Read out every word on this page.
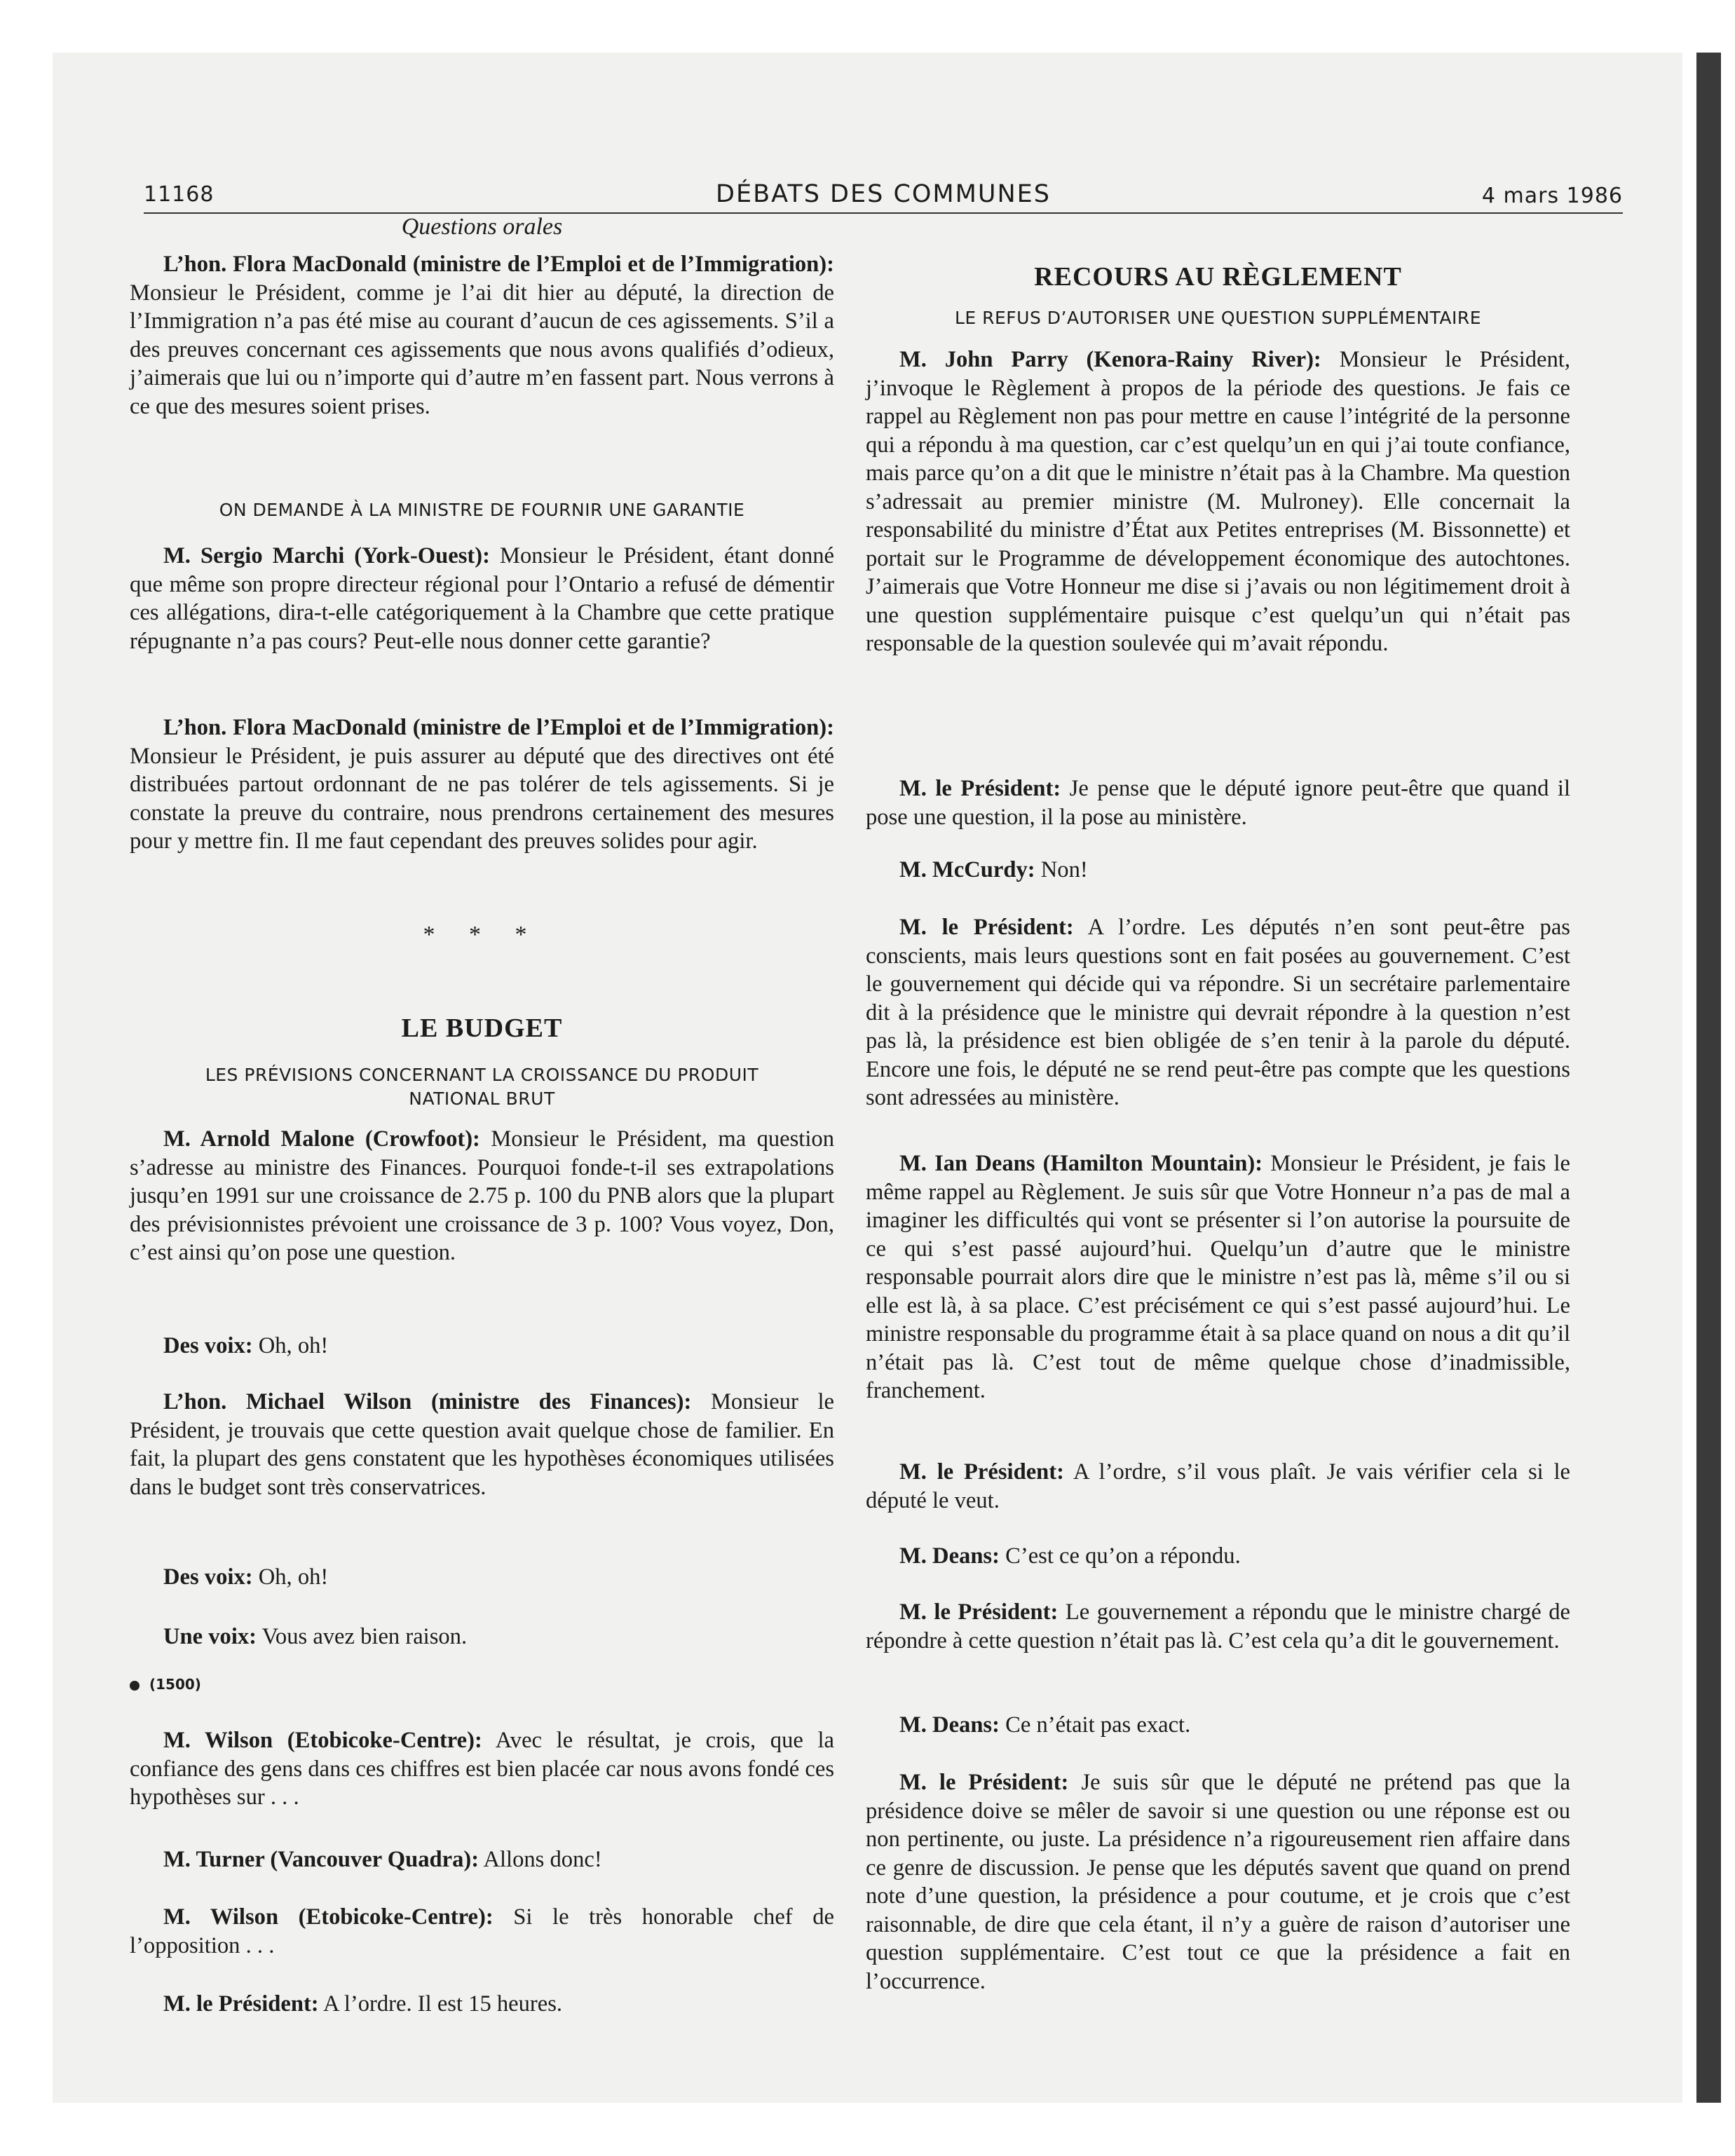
11168	DÉBATS DES COMMUNES	4 mars 1986
Questions orales

L’hon. Flora MacDonald (ministre de l’Emploi et de l’Immigration): Monsieur le Président, comme je l’ai dit hier au député, la direction de l’Immigration n’a pas été mise au courant d’aucun de ces agissements. S’il a des preuves concernant ces agissements que nous avons qualifiés d’odieux, j’aimerais que lui ou n’importe qui d’autre m’en fassent part. Nous verrons à ce que des mesures soient prises.

ON DEMANDE À LA MINISTRE DE FOURNIR UNE GARANTIE

M. Sergio Marchi (York-Ouest): Monsieur le Président, étant donné que même son propre directeur régional pour l’Ontario a refusé de démentir ces allégations, dira-t-elle catégoriquement à la Chambre que cette pratique répugnante n’a pas cours? Peut-elle nous donner cette garantie?

L’hon. Flora MacDonald (ministre de l’Emploi et de l’Immigration): Monsieur le Président, je puis assurer au député que des directives ont été distribuées partout ordonnant de ne pas tolérer de tels agissements. Si je constate la preuve du contraire, nous prendrons certainement des mesures pour y mettre fin. Il me faut cependant des preuves solides pour agir.

* * *
LE BUDGET
LES PRÉVISIONS CONCERNANT LA CROISSANCE DU PRODUIT NATIONAL BRUT

M. Arnold Malone (Crowfoot): Monsieur le Président, ma question s’adresse au ministre des Finances. Pourquoi fonde-t-il ses extrapolations jusqu’en 1991 sur une croissance de 2.75 p. 100 du PNB alors que la plupart des prévisionnistes prévoient une croissance de 3 p. 100? Vous voyez, Don, c’est ainsi qu’on pose une question.

Des voix: Oh, oh!

L’hon. Michael Wilson (ministre des Finances): Monsieur le Président, je trouvais que cette question avait quelque chose de familier. En fait, la plupart des gens constatent que les hypothèses économiques utilisées dans le budget sont très conservatrices.

Des voix: Oh, oh!

Une voix: Vous avez bien raison.

(1500)

M. Wilson (Etobicoke-Centre): Avec le résultat, je crois, que la confiance des gens dans ces chiffres est bien placée car nous avons fondé ces hypothèses sur . . .

M. Turner (Vancouver Quadra): Allons donc!

M. Wilson (Etobicoke-Centre): Si le très honorable chef de l’opposition . . .

M. le Président: A l’ordre. Il est 15 heures.

RECOURS AU RÈGLEMENT
LE REFUS D’AUTORISER UNE QUESTION SUPPLÉMENTAIRE

M. John Parry (Kenora-Rainy River): Monsieur le Président, j’invoque le Règlement à propos de la période des questions. Je fais ce rappel au Règlement non pas pour mettre en cause l’intégrité de la personne qui a répondu à ma question, car c’est quelqu’un en qui j’ai toute confiance, mais parce qu’on a dit que le ministre n’était pas à la Chambre. Ma question s’adressait au premier ministre (M. Mulroney). Elle concernait la responsabilité du ministre d’État aux Petites entreprises (M. Bissonnette) et portait sur le Programme de développement économique des autochtones. J’aimerais que Votre Honneur me dise si j’avais ou non légitimement droit à une question supplémentaire puisque c’est quelqu’un qui n’était pas responsable de la question soulevée qui m’avait répondu.

M. le Président: Je pense que le député ignore peut-être que quand il pose une question, il la pose au ministère.

M. McCurdy: Non!

M. le Président: A l’ordre. Les députés n’en sont peut-être pas conscients, mais leurs questions sont en fait posées au gouvernement. C’est le gouvernement qui décide qui va répondre. Si un secrétaire parlementaire dit à la présidence que le ministre qui devrait répondre à la question n’est pas là, la présidence est bien obligée de s’en tenir à la parole du député. Encore une fois, le député ne se rend peut-être pas compte que les questions sont adressées au ministère.

M. Ian Deans (Hamilton Mountain): Monsieur le Président, je fais le même rappel au Règlement. Je suis sûr que Votre Honneur n’a pas de mal a imaginer les difficultés qui vont se présenter si l’on autorise la poursuite de ce qui s’est passé aujourd’hui. Quelqu’un d’autre que le ministre responsable pourrait alors dire que le ministre n’est pas là, même s’il ou si elle est là, à sa place. C’est précisément ce qui s’est passé aujourd’hui. Le ministre responsable du programme était à sa place quand on nous a dit qu’il n’était pas là. C’est tout de même quelque chose d’inadmissible, franchement.

M. le Président: A l’ordre, s’il vous plaît. Je vais vérifier cela si le député le veut.

M. Deans: C’est ce qu’on a répondu.

M. le Président: Le gouvernement a répondu que le ministre chargé de répondre à cette question n’était pas là. C’est cela qu’a dit le gouvernement.

M. Deans: Ce n’était pas exact.

M. le Président: Je suis sûr que le député ne prétend pas que la présidence doive se mêler de savoir si une question ou une réponse est ou non pertinente, ou juste. La présidence n’a rigoureusement rien affaire dans ce genre de discussion. Je pense que les députés savent que quand on prend note d’une question, la présidence a pour coutume, et je crois que c’est raisonnable, de dire que cela étant, il n’y a guère de raison d’autoriser une question supplémentaire. C’est tout ce que la présidence a fait en l’occurrence.
